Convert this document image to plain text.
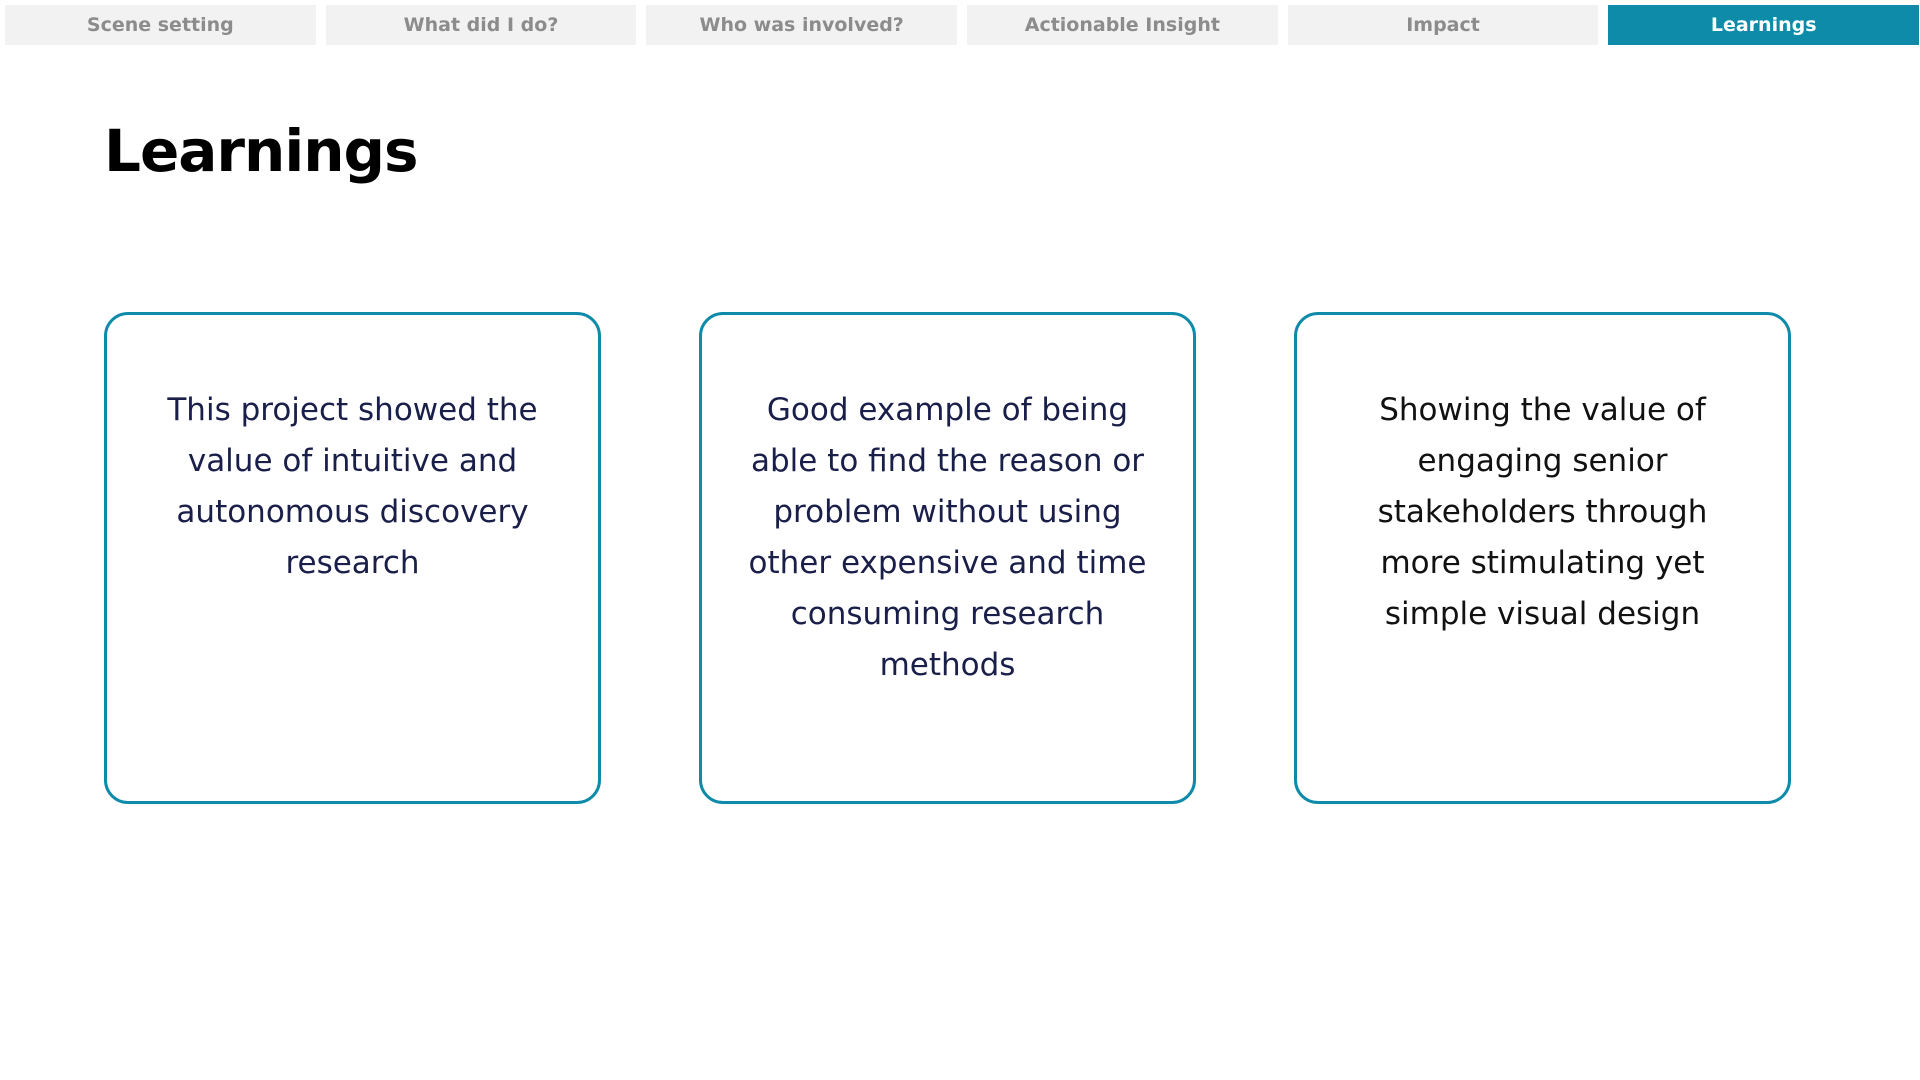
Scene setting	What did I do?	Who was involved?	Actionable Insight	Impact	Learnings
Learnings

This project showed the value of intuitive and autonomous discovery research

Good example of being able to find the reason or problem without using other expensive and time consuming research methods

Showing the value of engaging senior stakeholders through more stimulating yet simple visual design
